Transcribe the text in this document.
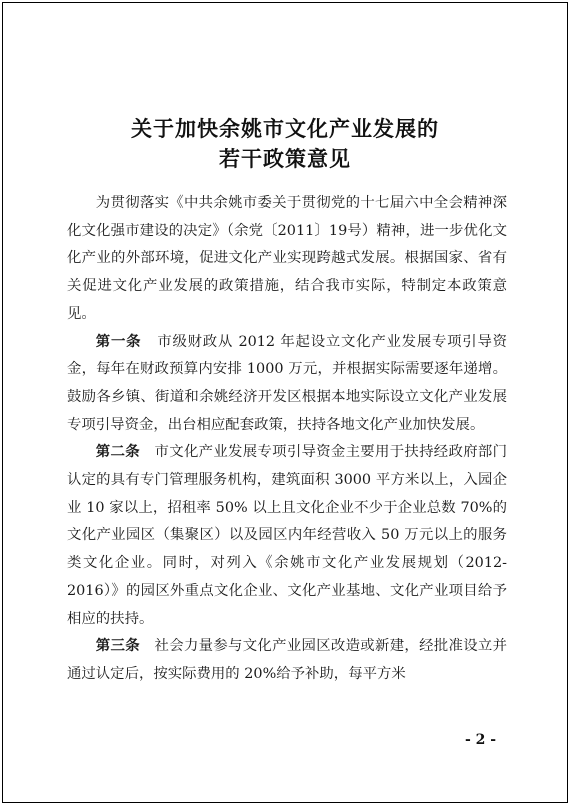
关于加快余姚市文化产业发展的
若干政策意见

为贯彻落实《中共余姚市委关于贯彻党的十七届六中全会精神深化文化强市建设的决定》（余党〔2011〕19号）精神，进一步优化文化产业的外部环境，促进文化产业实现跨越式发展。根据国家、省有关促进文化产业发展的政策措施，结合我市实际，特制定本政策意见。

第一条 市级财政从 2012 年起设立文化产业发展专项引导资金，每年在财政预算内安排 1000 万元，并根据实际需要逐年递增。鼓励各乡镇、街道和余姚经济开发区根据本地实际设立文化产业发展专项引导资金，出台相应配套政策，扶持各地文化产业加快发展。

第二条 市文化产业发展专项引导资金主要用于扶持经政府部门认定的具有专门管理服务机构，建筑面积 3000 平方米以上，入园企业 10 家以上，招租率 50% 以上且文化企业不少于企业总数 70%的文化产业园区（集聚区）以及园区内年经营收入 50 万元以上的服务类文化企业。同时，对列入《余姚市文化产业发展规划（2012-2016）》的园区外重点文化企业、文化产业基地、文化产业项目给予相应的扶持。

第三条 社会力量参与文化产业园区改造或新建，经批准设立并通过认定后，按实际费用的 20%给予补助，每平方米

- 2 -
